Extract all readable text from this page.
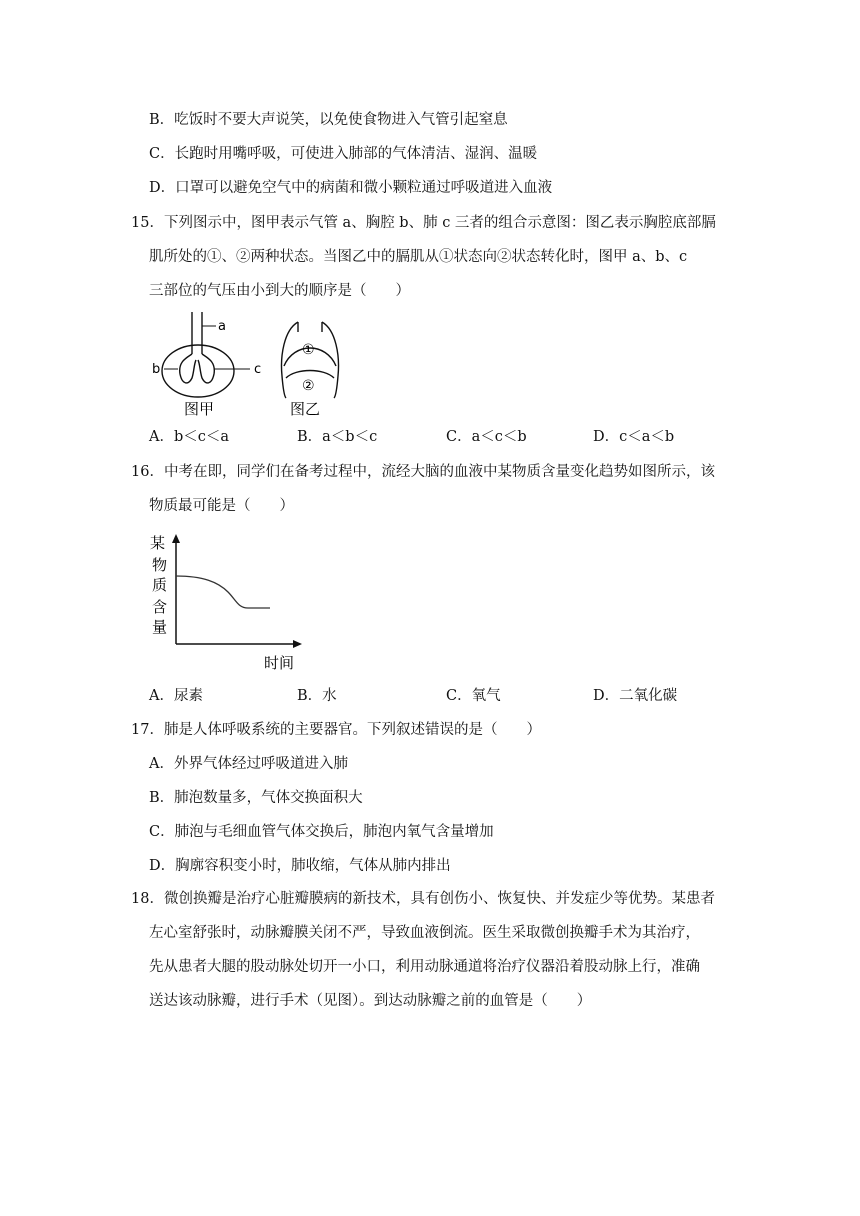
B．吃饭时不要大声说笑，以免使食物进入气管引起窒息
C．长跑时用嘴呼吸，可使进入肺部的气体清洁、湿润、温暖
D．口罩可以避免空气中的病菌和微小颗粒通过呼吸道进入血液
15．下列图示中，图甲表示气管 a、胸腔 b、肺 c 三者的组合示意图：图乙表示胸腔底部膈
肌所处的①、②两种状态。当图乙中的膈肌从①状态向②状态转化时，图甲 a、b、c
三部位的气压由小到大的顺序是（　　）
a
b	c
图甲
①
②
图乙
A．b＜c＜a	B．a＜b＜c	C．a＜c＜b	D．c＜a＜b
16．中考在即，同学们在备考过程中，流经大脑的血液中某物质含量变化趋势如图所示，该
物质最可能是（　　）
某
物
质
含
量
时间
A．尿素	B．水	C．氧气	D．二氧化碳
17．肺是人体呼吸系统的主要器官。下列叙述错误的是（　　）
A．外界气体经过呼吸道进入肺
B．肺泡数量多，气体交换面积大
C．肺泡与毛细血管气体交换后，肺泡内氧气含量增加
D．胸廓容积变小时，肺收缩，气体从肺内排出
18．微创换瓣是治疗心脏瓣膜病的新技术，具有创伤小、恢复快、并发症少等优势。某患者
左心室舒张时，动脉瓣膜关闭不严，导致血液倒流。医生采取微创换瓣手术为其治疗，
先从患者大腿的股动脉处切开一小口，利用动脉通道将治疗仪器沿着股动脉上行，准确
送达该动脉瓣，进行手术（见图）。到达动脉瓣之前的血管是（　　）
